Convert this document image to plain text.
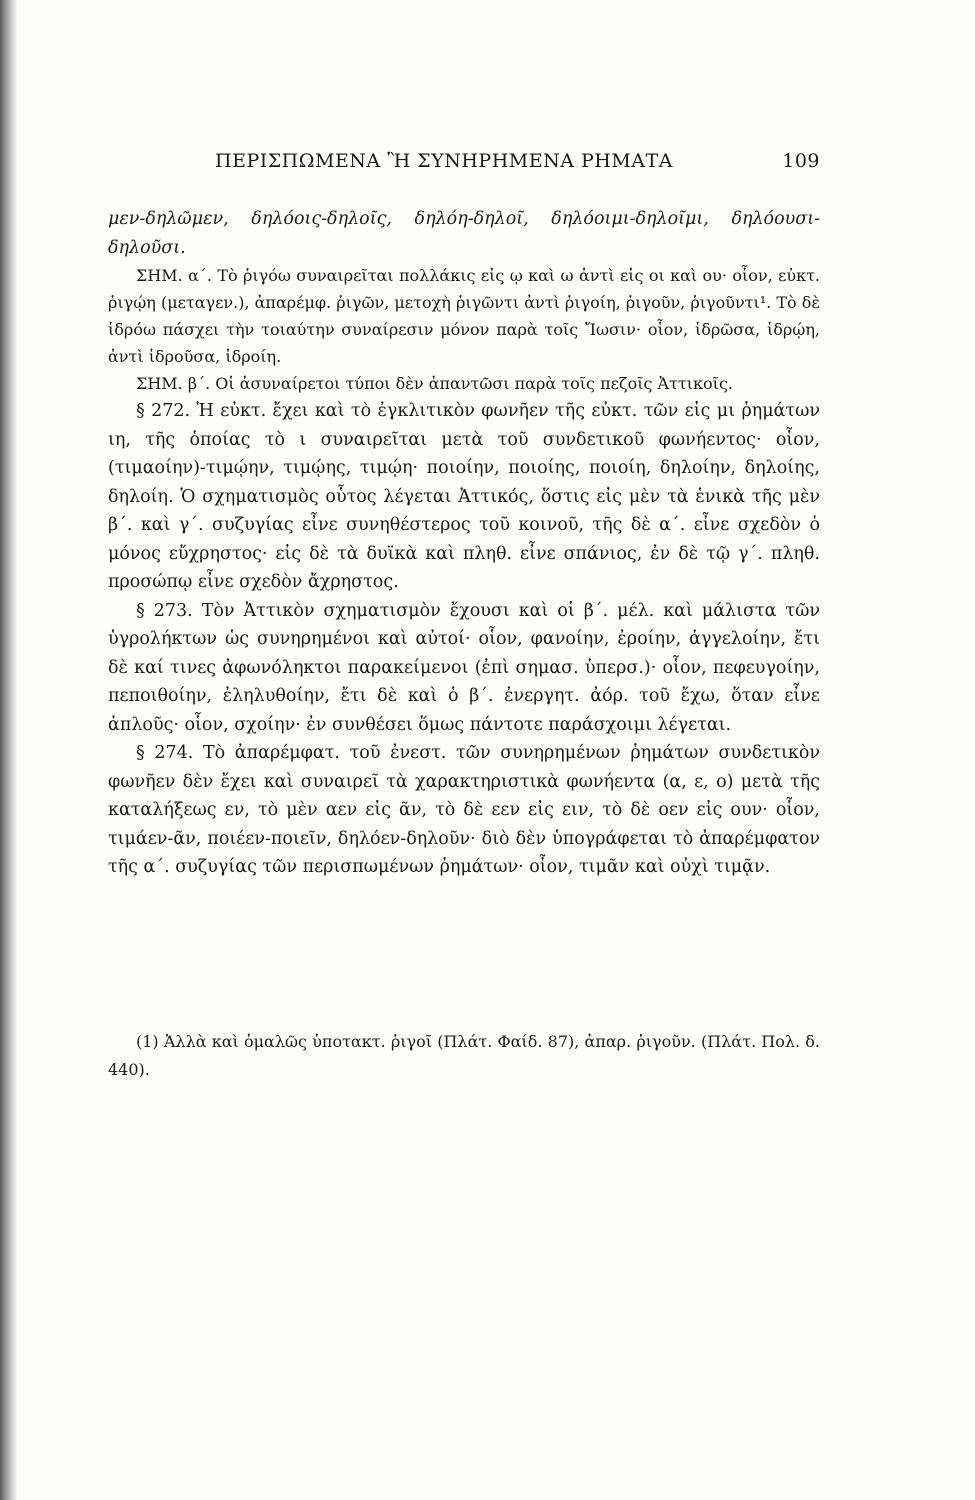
ΠΕΡΙΣΠΩΜΕΝΑ Ἢ ΣΥΝΗΡΗΜΕΝΑ ΡΗΜΑΤΑ	109

μεν-δηλῶμεν, δηλόοις-δηλοῖς, δηλόη-δηλοῖ, δηλόοιμι-δηλοῖμι, δηλόουσι-δηλοῦσι.

ΣΗΜ. α΄. Τὸ ῥιγόω συναιρεῖται πολλάκις εἰς ῳ καὶ ω ἀντὶ εἰς οι καὶ ου· οἷον, εὐκτ. ῥιγῴη (μεταγεν.), ἀπαρέμφ. ῥιγῶν, μετοχὴ ῥιγῶντι ἀντὶ ῥιγοίη, ῥιγοῦν, ῥιγοῦντι¹. Τὸ δὲ ἱδρόω πάσχει τὴν τοιαύτην συναίρεσιν μόνον παρὰ τοῖς Ἴωσιν· οἷον, ἱδρῶσα, ἱδρῴη, ἀντὶ ἱδροῦσα, ἱδροίη.

ΣΗΜ. β΄. Οἱ ἀσυναίρετοι τύποι δὲν ἀπαντῶσι παρὰ τοῖς πεζοῖς Ἀττικοῖς.

§ 272. Ἡ εὐκτ. ἔχει καὶ τὸ ἐγκλιτικὸν φωνῆεν τῆς εὐκτ. τῶν εἰς μι ῥημάτων ιη, τῆς ὁποίας τὸ ι συναιρεῖται μετὰ τοῦ συνδετικοῦ φωνήεντος· οἷον, (τιμαοίην)-τιμῴην, τιμῴης, τιμῴη· ποιοίην, ποιοίης, ποιοίη, δηλοίην, δηλοίης, δηλοίη. Ὁ σχηματισμὸς οὗτος λέγεται Ἀττικός, ὅστις εἰς μὲν τὰ ἑνικὰ τῆς μὲν β΄. καὶ γ΄. συζυγίας εἶνε συνηθέστερος τοῦ κοινοῦ, τῆς δὲ α΄. εἶνε σχεδὸν ὁ μόνος εὔχρηστος· εἰς δὲ τὰ δυϊκὰ καὶ πληθ. εἶνε σπάνιος, ἐν δὲ τῷ γ΄. πληθ. προσώπῳ εἶνε σχεδὸν ἄχρηστος.

§ 273. Τὸν Ἀττικὸν σχηματισμὸν ἔχουσι καὶ οἱ β΄. μέλ. καὶ μάλιστα τῶν ὑγρολήκτων ὡς συνηρημένοι καὶ αὐτοί· οἷον, φανοίην, ἐροίην, ἀγγελοίην, ἔτι δὲ καί τινες ἀφωνόληκτοι παρακείμενοι (ἐπὶ σημασ. ὑπερσ.)· οἷον, πεφευγοίην, πεποιθοίην, ἐληλυθοίην, ἔτι δὲ καὶ ὁ β΄. ἐνεργητ. ἀόρ. τοῦ ἔχω, ὅταν εἶνε ἁπλοῦς· οἷον, σχοίην· ἐν συνθέσει ὅμως πάντοτε παράσχοιμι λέγεται.

§ 274. Τὸ ἀπαρέμφατ. τοῦ ἐνεστ. τῶν συνηρημένων ῥημάτων συνδετικὸν φωνῆεν δὲν ἔχει καὶ συναιρεῖ τὰ χαρακτηριστικὰ φωνήεντα (α, ε, ο) μετὰ τῆς καταλήξεως εν, τὸ μὲν αεν εἰς ᾶν, τὸ δὲ εεν εἰς ειν, τὸ δὲ οεν εἰς ουν· οἷον, τιμάεν-ᾶν, ποιέεν-ποιεῖν, δηλόεν-δηλοῦν· διὸ δὲν ὑπογράφεται τὸ ἀπαρέμφατον τῆς α΄. συζυγίας τῶν περισπωμένων ῥημάτων· οἷον, τιμᾶν καὶ οὐχὶ τιμᾷν.

(1) Ἀλλὰ καὶ ὁμαλῶς ὑποτακτ. ῥιγοῖ (Πλάτ. Φαίδ. 87), ἀπαρ. ῥιγοῦν. (Πλάτ. Πολ. δ. 440).
